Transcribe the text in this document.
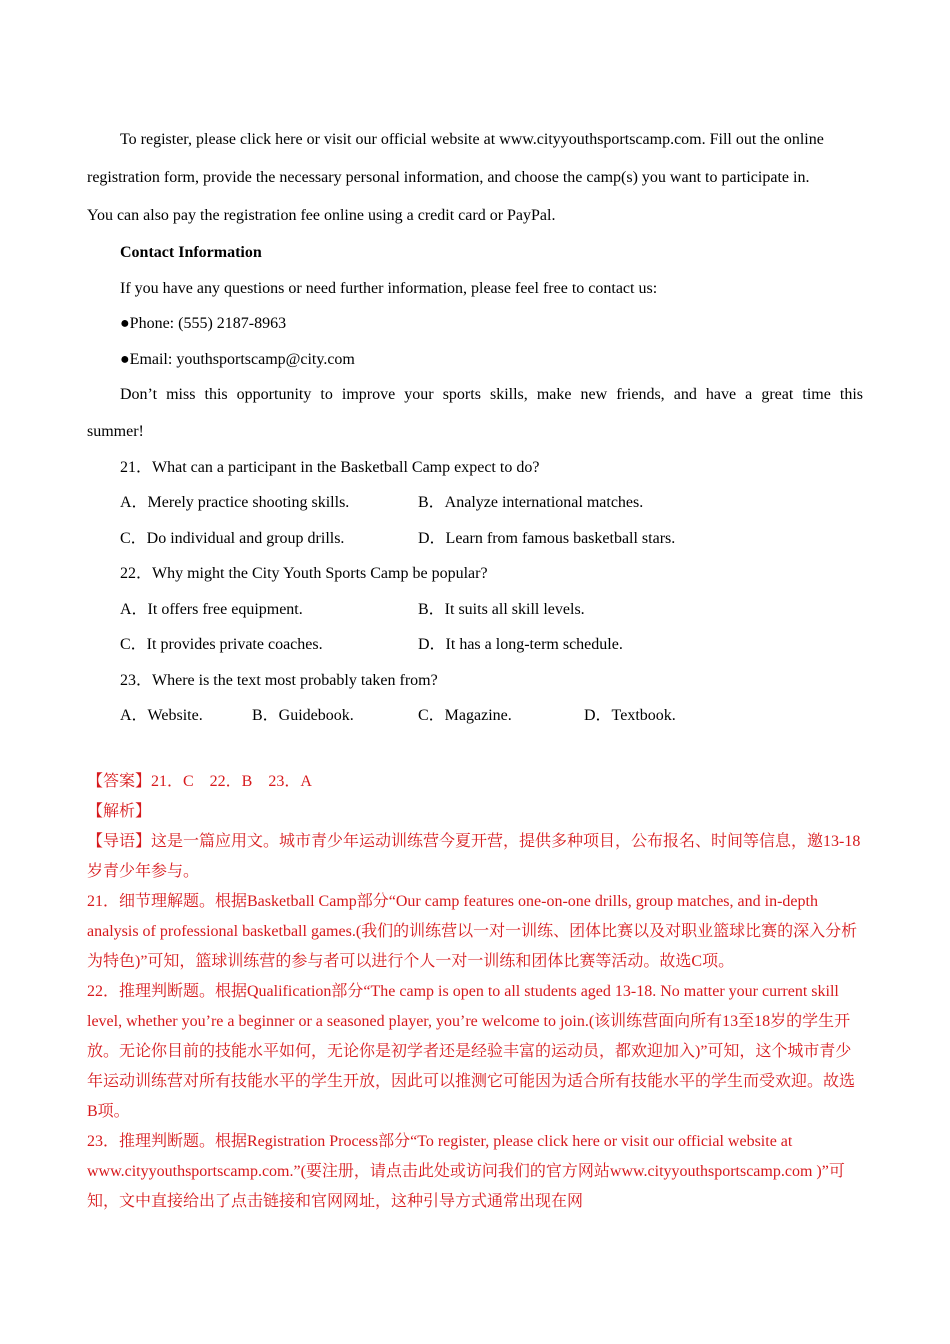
To register, please click here or visit our official website at www.cityyouthsportscamp.com. Fill out the online
registration form, provide the necessary personal information, and choose the camp(s) you want to participate in.
You can also pay the registration fee online using a credit card or PayPal.
Contact Information
If you have any questions or need further information, please feel free to contact us:
●Phone: (555) 2187-8963
●Email: youthsportscamp@city.com
Don’t miss this opportunity to improve your sports skills, make new friends, and have a great time this
summer!
21．What can a participant in the Basketball Camp expect to do?
A．Merely practice shooting skills.	B．Analyze international matches.
C．Do individual and group drills.	D．Learn from famous basketball stars.
22．Why might the City Youth Sports Camp be popular?
A．It offers free equipment.	B．It suits all skill levels.
C．It provides private coaches.	D．It has a long-term schedule.
23．Where is the text most probably taken from?
A．Website.	B．Guidebook.	C．Magazine.	D．Textbook.
【答案】21．C　22．B　23．A
【解析】
【导语】这是一篇应用文。城市青少年运动训练营今夏开营，提供多种项目，公布报名、时间等信息，邀13-18岁青少年参与。
21．细节理解题。根据Basketball Camp部分“Our camp features one-on-one drills, group matches, and in-depth analysis of professional basketball games.(我们的训练营以一对一训练、团体比赛以及对职业篮球比赛的深入分析为特色)”可知，篮球训练营的参与者可以进行个人一对一训练和团体比赛等活动。故选C项。
22．推理判断题。根据Qualification部分“The camp is open to all students aged 13-18. No matter your current skill level, whether you’re a beginner or a seasoned player, you’re welcome to join.(该训练营面向所有13至18岁的学生开放。无论你目前的技能水平如何，无论你是初学者还是经验丰富的运动员，都欢迎加入)”可知，这个城市青少年运动训练营对所有技能水平的学生开放，因此可以推测它可能因为适合所有技能水平的学生而受欢迎。故选B项。
23．推理判断题。根据Registration Process部分“To register, please click here or visit our official website at www.cityyouthsportscamp.com.”(要注册，请点击此处或访问我们的官方网站www.cityyouthsportscamp.com )”可知，文中直接给出了点击链接和官网网址，这种引导方式通常出现在网
